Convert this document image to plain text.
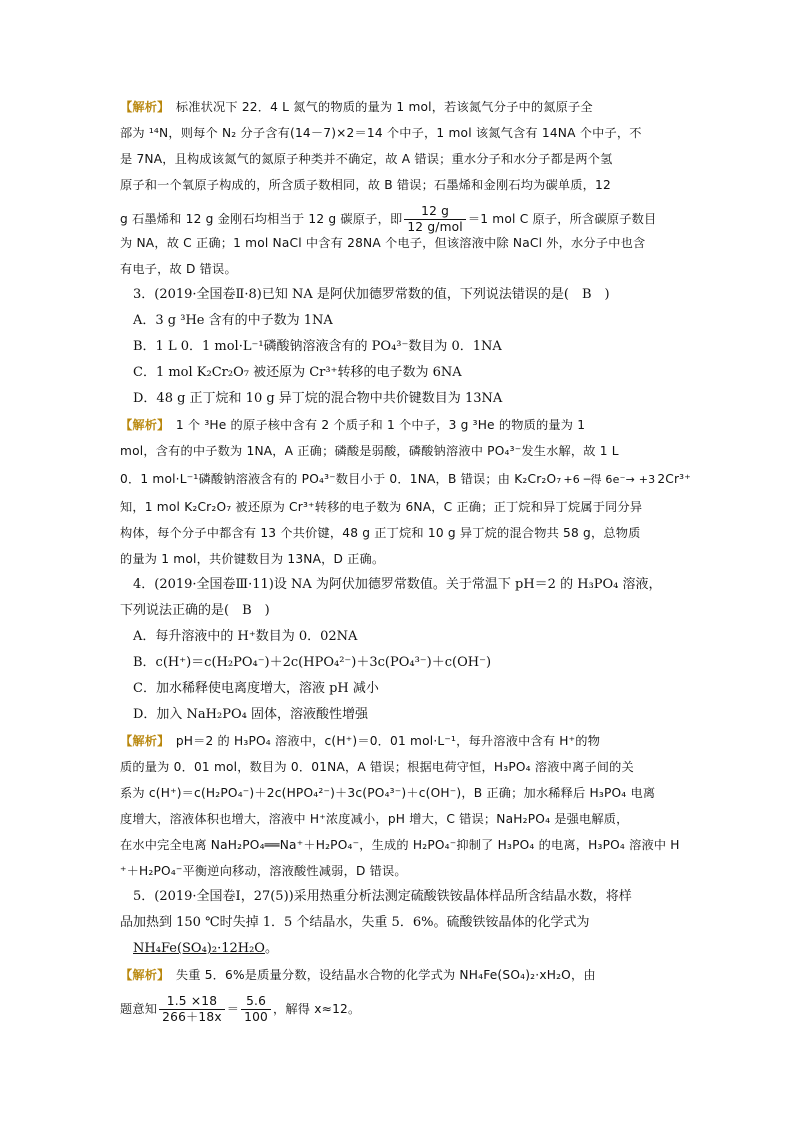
【解析】　标准状况下 22．4 L 氮气的物质的量为 1 mol，若该氮气分子中的氮原子全
部为 ¹⁴N，则每个 N₂ 分子含有(14－7)×2＝14 个中子，1 mol 该氮气含有 14NA 个中子，不
是 7NA，且构成该氮气的氮原子种类并不确定，故 A 错误；重水分子和水分子都是两个氢
原子和一个氧原子构成的，所含质子数相同，故 B 错误；石墨烯和金刚石均为碳单质，12
g 石墨烯和 12 g 金刚石均相当于 12 g 碳原子，即 $\frac{12 g}{\text{12 g/mol}} =1$ mol C 原子，所含碳原子数目
为 NA，故 C 正确；1 mol NaCl 中含有 28NA 个电子，但该溶液中除 NaCl 外，水分子中也含
有电子，故 D 错误。
　3．(2019·全国卷Ⅱ·8)已知 NA 是阿伏加德罗常数的值，下列说法错误的是(　B　)
　A．3 g ³He 含有的中子数为 1NA
　B．1 L 0．1 mol·L⁻¹磷酸钠溶液含有的 PO₄³⁻数目为 0．1NA
　C．1 mol K₂Cr₂O₇ 被还原为 Cr³⁺转移的电子数为 6NA
　D．48 g 正丁烷和 10 g 异丁烷的混合物中共价键数目为 13NA
【解析】　1 个 ³He 的原子核中含有 2 个质子和 1 个中子，3 g ³He 的物质的量为 1
mol，含有的中子数为 1NA，A 正确；磷酸是弱酸，磷酸钠溶液中 PO₄³⁻发生水解，故 1 L
0．1 mol·L⁻¹磷酸钠溶液含有的 PO₄³⁻数目小于 0．1NA，B 错误；由 K₂Cr₂O₇ +6 ─得 6e⁻→ +3 2Cr³⁺
知，1 mol K₂Cr₂O₇ 被还原为 Cr³⁺转移的电子数为 6NA，C 正确；正丁烷和异丁烷属于同分异
构体，每个分子中都含有 13 个共价键，48 g 正丁烷和 10 g 异丁烷的混合物共 58 g，总物质
的量为 1 mol，共价键数目为 13NA，D 正确。
　4．(2019·全国卷Ⅲ·11)设 NA 为阿伏加德罗常数值。关于常温下 pH＝2 的 H₃PO₄ 溶液，
下列说法正确的是(　B　)
　A．每升溶液中的 H⁺数目为 0．02NA
　B．c(H⁺)＝c(H₂PO₄⁻)＋2c(HPO₄²⁻)＋3c(PO₄³⁻)＋c(OH⁻)
　C．加水稀释使电离度增大，溶液 pH 减小
　D．加入 NaH₂PO₄ 固体，溶液酸性增强
【解析】　pH＝2 的 H₃PO₄ 溶液中，c(H⁺)＝0．01 mol·L⁻¹，每升溶液中含有 H⁺的物
质的量为 0．01 mol，数目为 0．01NA，A 错误；根据电荷守恒，H₃PO₄ 溶液中离子间的关
系为 c(H⁺)＝c(H₂PO₄⁻)＋2c(HPO₄²⁻)＋3c(PO₄³⁻)＋c(OH⁻)，B 正确；加水稀释后 H₃PO₄ 电离
度增大，溶液体积也增大，溶液中 H⁺浓度减小，pH 增大，C 错误；NaH₂PO₄ 是强电解质，
在水中完全电离 NaH₂PO₄══Na⁺＋H₂PO₄⁻，生成的 H₂PO₄⁻抑制了 H₃PO₄ 的电离，H₃PO₄ 溶液中 H
⁺＋H₂PO₄⁻平衡逆向移动，溶液酸性减弱，D 错误。
　5．(2019·全国卷Ⅰ，27(5))采用热重分析法测定硫酸铁铵晶体样品所含结晶水数，将样
品加热到 150 ℃时失掉 1．5 个结晶水，失重 5．6%。硫酸铁铵晶体的化学式为
　NH₄Fe(SO₄)₂·12H₂O。
【解析】　失重 5．6%是质量分数，设结晶水合物的化学式为 NH₄Fe(SO₄)₂·xH₂O，由
题意知 $\frac{1.5 \times 18}{266+18x} = \frac{5.6}{100}$ ，解得 x≈12。
